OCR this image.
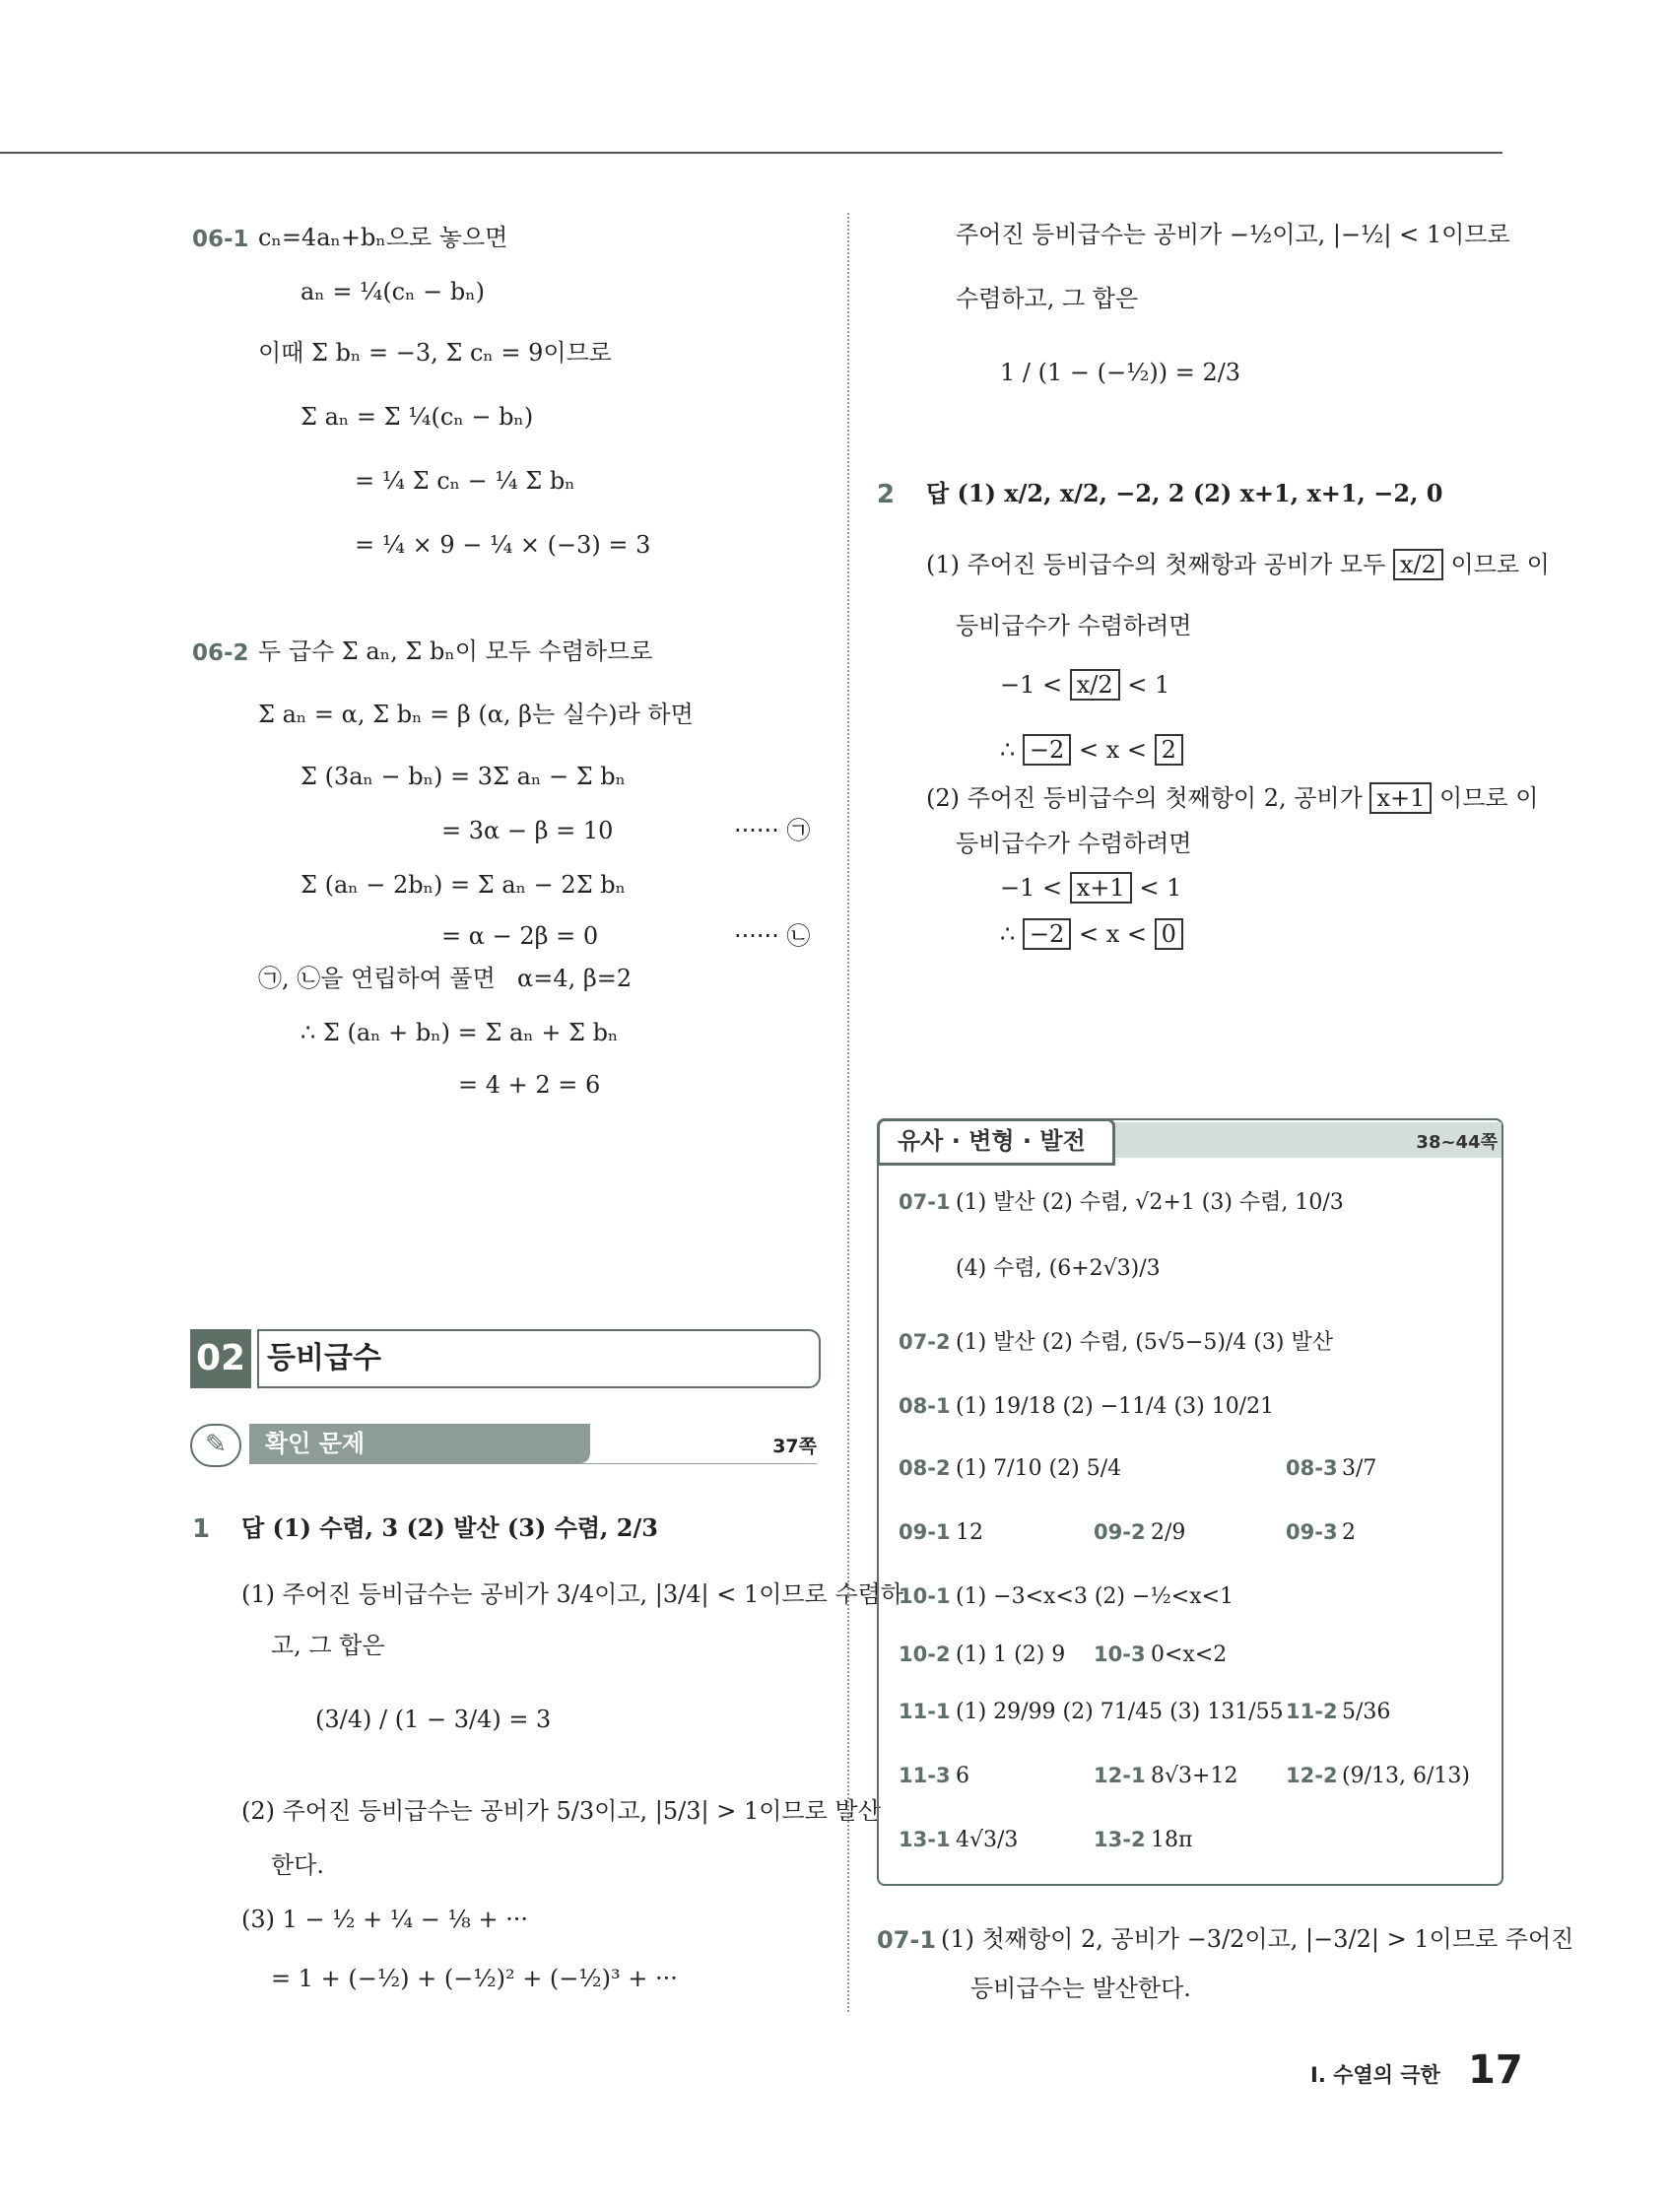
06-1 cₙ=4aₙ+bₙ으로 놓으면
aₙ = ¼(cₙ − bₙ)
이때 Σ bₙ = −3, Σ cₙ = 9이므로
Σ aₙ = Σ ¼(cₙ − bₙ)
= ¼ Σ cₙ − ¼ Σ bₙ
= ¼ × 9 − ¼ × (−3) = 3
06-2 두 급수 Σ aₙ, Σ bₙ이 모두 수렴하므로
Σ aₙ = α, Σ bₙ = β (α, β는 실수)라 하면
Σ (3aₙ − bₙ) = 3Σ aₙ − Σ bₙ
= 3α − β = 10	······ ㉠
Σ (aₙ − 2bₙ) = Σ aₙ − 2Σ bₙ
= α − 2β = 0	······ ㉡
㉠, ㉡을 연립하여 풀면 α=4, β=2
∴ Σ (aₙ + bₙ) = Σ aₙ + Σ bₙ
= 4 + 2 = 6
02 등비급수
확인 문제
✎	37쪽
1 답 (1) 수렴, 3 (2) 발산 (3) 수렴, 2/3
(1) 주어진 등비급수는 공비가 3/4이고, |3/4| < 1이므로 수렴하
고, 그 합은
(3/4) / (1 − 3/4) = 3
(2) 주어진 등비급수는 공비가 5/3이고, |5/3| > 1이므로 발산
한다.
(3) 1 − ½ + ¼ − ⅛ + ···
= 1 + (−½) + (−½)² + (−½)³ + ···
주어진 등비급수는 공비가 −½이고, |−½| < 1이므로
수렴하고, 그 합은
1 / (1 − (−½)) = 2/3
2 답 (1) x/2, x/2, −2, 2 (2) x+1, x+1, −2, 0
(1) 주어진 등비급수의 첫째항과 공비가 모두 x/2 이므로 이
등비급수가 수렴하려면
−1 < x/2 < 1
∴ −2 < x < 2
(2) 주어진 등비급수의 첫째항이 2, 공비가 x+1 이므로 이
등비급수가 수렴하려면
−1 < x+1 < 1
∴ −2 < x < 0
유사 · 변형 · 발전	38~44쪽
07-1 (1) 발산 (2) 수렴, √2+1 (3) 수렴, 10/3
(4) 수렴, (6+2√3)/3
07-2 (1) 발산 (2) 수렴, (5√5−5)/4 (3) 발산
08-1 (1) 19/18 (2) −11/4 (3) 10/21
08-2 (1) 7/10 (2) 5/4	08-3 3/7
09-1 12	09-2 2/9	09-3 2
10-1 (1) −3<x<3 (2) −½<x<1
10-2 (1) 1 (2) 9 10-3 0<x<2
11-1 (1) 29/99 (2) 71/45 (3) 131/55 11-2 5/36
11-3 6	12-1 8√3+12 12-2 (9/13, 6/13)
13-1 4√3/3	13-2 18π
07-1 (1) 첫째항이 2, 공비가 −3/2이고, |−3/2| > 1이므로 주어진
등비급수는 발산한다.
Ⅰ. 수열의 극한 17
